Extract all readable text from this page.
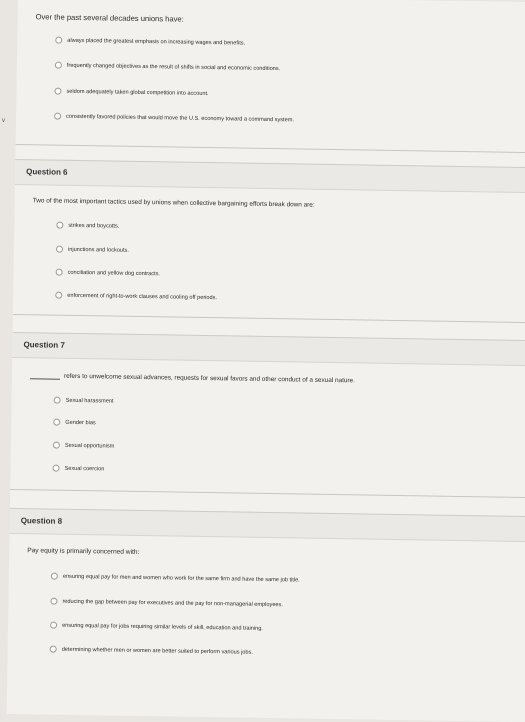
v

Over the past several decades unions have:

always placed the greatest emphasis on increasing wages and benefits.
frequently changed objectives as the result of shifts in social and economic conditions.
seldom adequately taken global competition into account.
consistently favored policies that would move the U.S. economy toward a command system.
Question 6

Two of the most important tactics used by unions when collective bargaining efforts break down are:

strikes and boycotts.
injunctions and lockouts.
conciliation and yellow dog contracts.
enforcement of right-to-work clauses and cooling off periods.
Question 7

refers to unwelcome sexual advances, requests for sexual favors and other conduct of a sexual nature.

Sexual harassment
Gender bias
Sexual opportunism
Sexual coercion
Question 8

Pay equity is primarily concerned with:

ensuring equal pay for men and women who work for the same firm and have the same job title.
reducing the gap between pay for executives and the pay for non-managerial employees.
ensuring equal pay for jobs requiring similar levels of skill, education and training.
determining whether men or women are better suited to perform various jobs.
